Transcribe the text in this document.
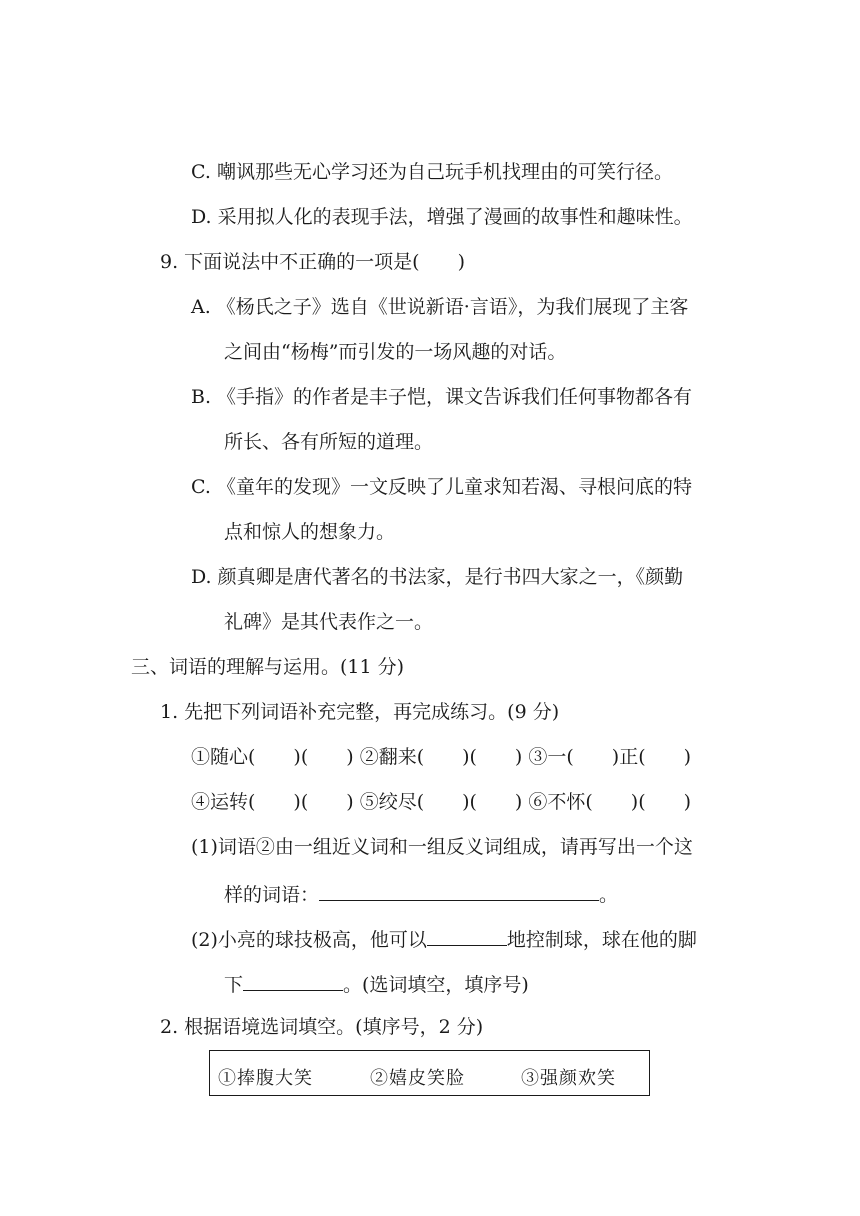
C. 嘲讽那些无心学习还为自己玩手机找理由的可笑行径。
D. 采用拟人化的表现手法，增强了漫画的故事性和趣味性。
9. 下面说法中不正确的一项是(　　)
A. 《杨氏之子》选自《世说新语·言语》，为我们展现了主客
之间由“杨梅”而引发的一场风趣的对话。
B. 《手指》的作者是丰子恺，课文告诉我们任何事物都各有
所长、各有所短的道理。
C. 《童年的发现》一文反映了儿童求知若渴、寻根问底的特
点和惊人的想象力。
D. 颜真卿是唐代著名的书法家，是行书四大家之一，《颜勤
礼碑》是其代表作之一。
三、词语的理解与运用。(11 分)
1. 先把下列词语补充完整，再完成练习。(9 分)
①随心(　　)(　　) ②翻来(　　)(　　) ③一(　　)正(　　)
④运转(　　)(　　) ⑤绞尽(　　)(　　) ⑥不怀(　　)(　　)
(1)词语②由一组近义词和一组反义词组成，请再写出一个这
样的词语：	。
(2)小亮的球技极高，他可以	地控制球，球在他的脚
下	。(选词填空，填序号)
2. 根据语境选词填空。(填序号，2 分)
①捧腹大笑	②嬉皮笑脸	③强颜欢笑
